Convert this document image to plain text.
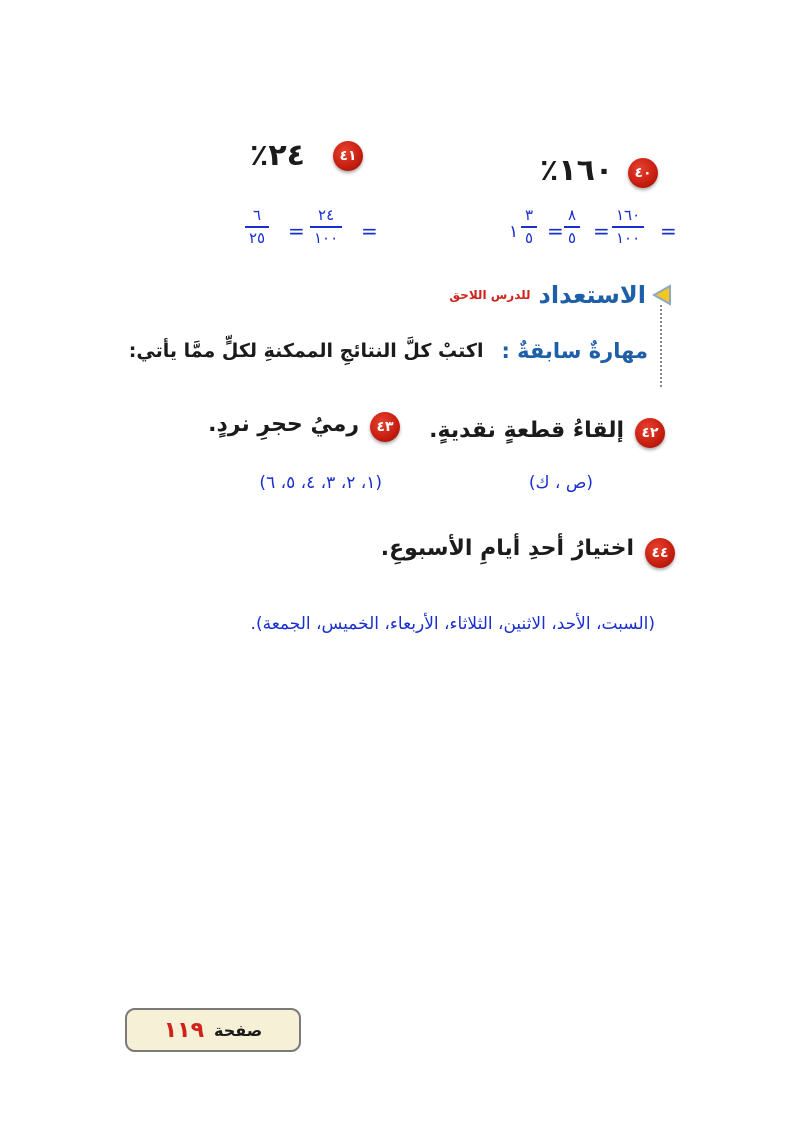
٢٤٪	٤١	١٦٠٪	٤٠
٦
٢٥ =
٢٤
١٠٠ =	١
٣
٥ =
٨
٥ =
١٦٠
١٠٠ =
الاستعداد
للدرس اللاحق
مهارةٌ سابقةٌ :
اكتبْ كلَّ النتائجِ الممكنةِ لكلٍّ ممَّا يأتي:
٤٢
إلقاءُ قطعةٍ نقديةٍ.
(ص ، ك)
٤٣
رميُ حجرِ نردٍ.
(١، ٢، ٣، ٤، ٥، ٦)
٤٤
اختيارُ أحدِ أيامِ الأسبوعِ.
(السبت، الأحد، الاثنين، الثلاثاء، الأربعاء، الخميس، الجمعة).
صفحة
١١٩
